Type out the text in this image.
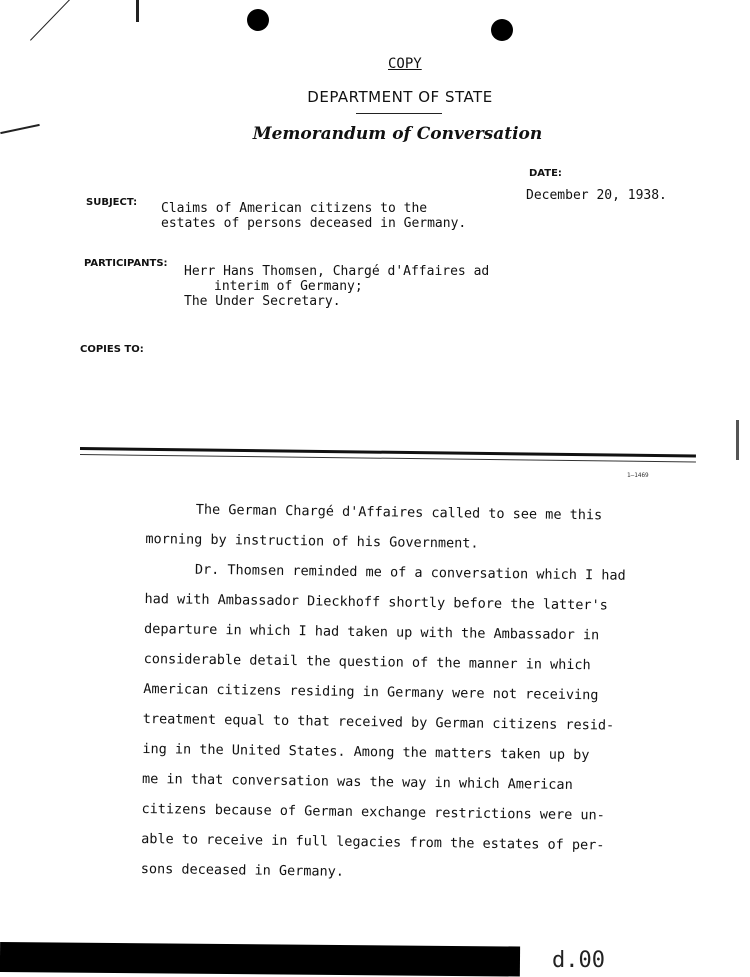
COPY
DEPARTMENT OF STATE
Memorandum of Conversation
DATE:
December 20, 1938.
SUBJECT: Claims of American citizens to the
estates of persons deceased in Germany.
PARTICIPANTS:
Herr Hans Thomsen, Chargé d'Affaires ad
interim of Germany;
The Under Secretary.
COPIES TO:
1—1469
The German Chargé d'Affaires called to see me this
morning by instruction of his Government.
Dr. Thomsen reminded me of a conversation which I had
had with Ambassador Dieckhoff shortly before the latter's
departure in which I had taken up with the Ambassador in
considerable detail the question of the manner in which
American citizens residing in Germany were not receiving
treatment equal to that received by German citizens resid-
ing in the United States. Among the matters taken up by
me in that conversation was the way in which American
citizens because of German exchange restrictions were un-
able to receive in full legacies from the estates of per-
sons deceased in Germany.
d.00
